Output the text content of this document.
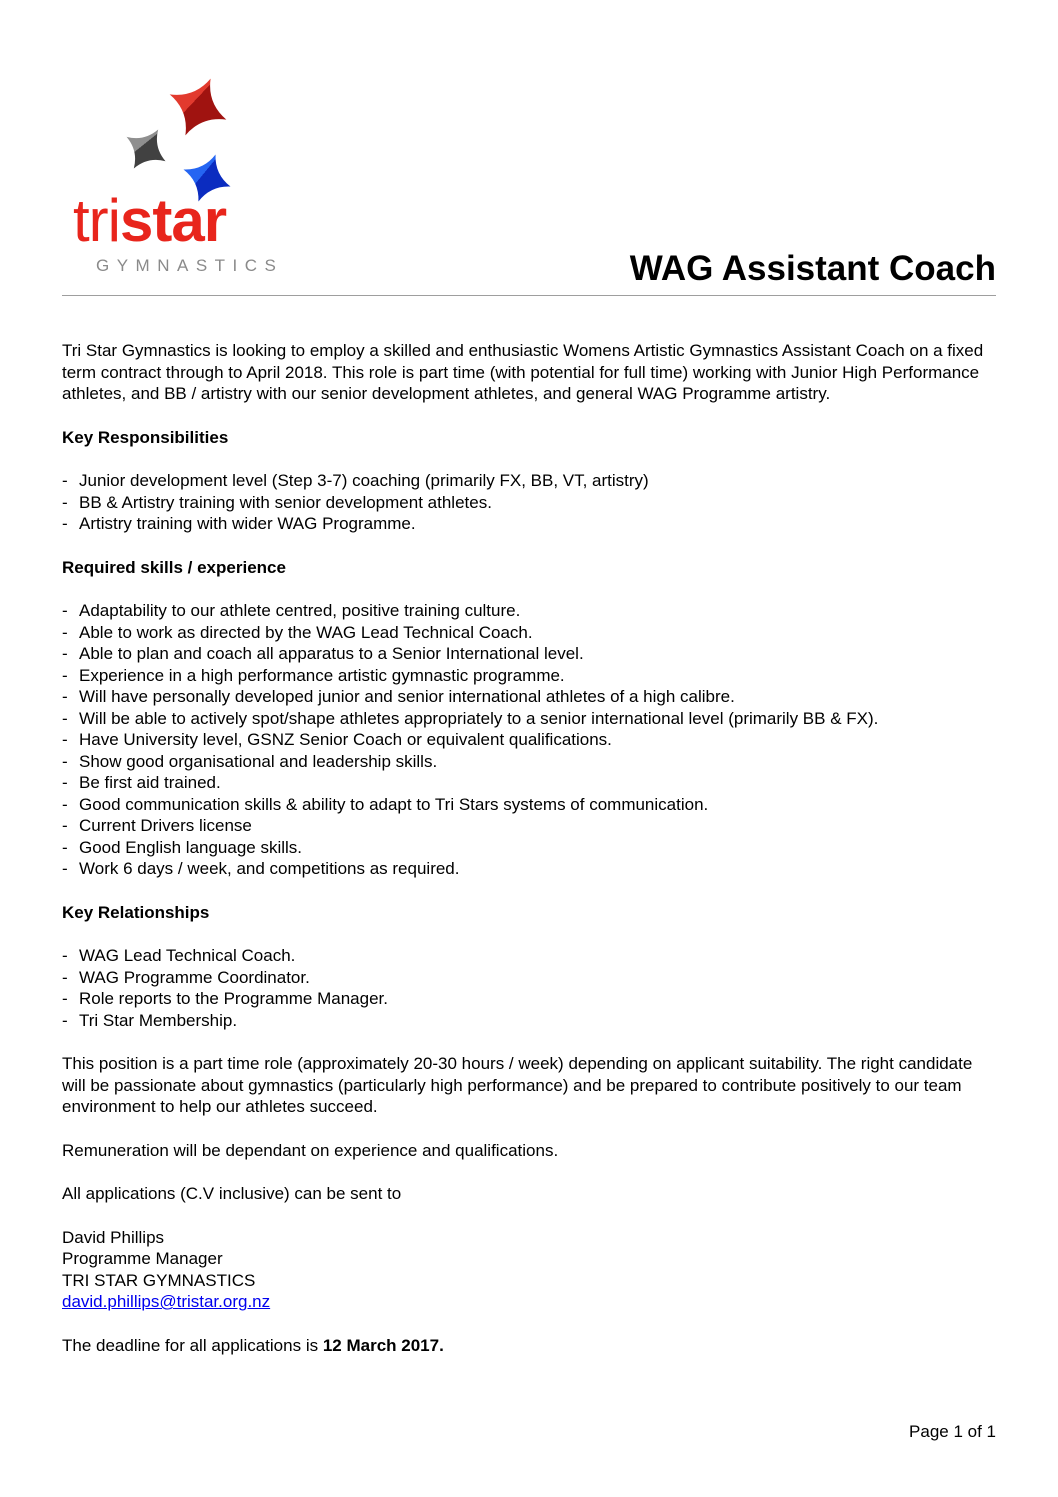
tristar
GYMNASTICS	WAG Assistant Coach

Tri Star Gymnastics is looking to employ a skilled and enthusiastic Womens Artistic Gymnastics Assistant Coach on a fixed term contract through to April 2018. This role is part time (with potential for full time) working with Junior High Performance athletes, and BB / artistry with our senior development athletes, and general WAG Programme artistry.

Key Responsibilities
- Junior development level (Step 3-7) coaching (primarily FX, BB, VT, artistry)
- BB & Artistry training with senior development athletes.
- Artistry training with wider WAG Programme.
Required skills / experience
- Adaptability to our athlete centred, positive training culture.
- Able to work as directed by the WAG Lead Technical Coach.
- Able to plan and coach all apparatus to a Senior International level.
- Experience in a high performance artistic gymnastic programme.
- Will have personally developed junior and senior international athletes of a high calibre.
- Will be able to actively spot/shape athletes appropriately to a senior international level (primarily BB & FX).
- Have University level, GSNZ Senior Coach or equivalent qualifications.
- Show good organisational and leadership skills.
- Be first aid trained.
- Good communication skills & ability to adapt to Tri Stars systems of communication.
- Current Drivers license
- Good English language skills.
- Work 6 days / week, and competitions as required.
Key Relationships
- WAG Lead Technical Coach.
- WAG Programme Coordinator.
- Role reports to the Programme Manager.
- Tri Star Membership.

This position is a part time role (approximately 20-30 hours / week) depending on applicant suitability. The right candidate will be passionate about gymnastics (particularly high performance) and be prepared to contribute positively to our team environment to help our athletes succeed.

Remuneration will be dependant on experience and qualifications.

All applications (C.V inclusive) can be sent to

David Phillips
Programme Manager
TRI STAR GYMNASTICS
david.phillips@tristar.org.nz

The deadline for all applications is 12 March 2017.

Page 1 of 1
